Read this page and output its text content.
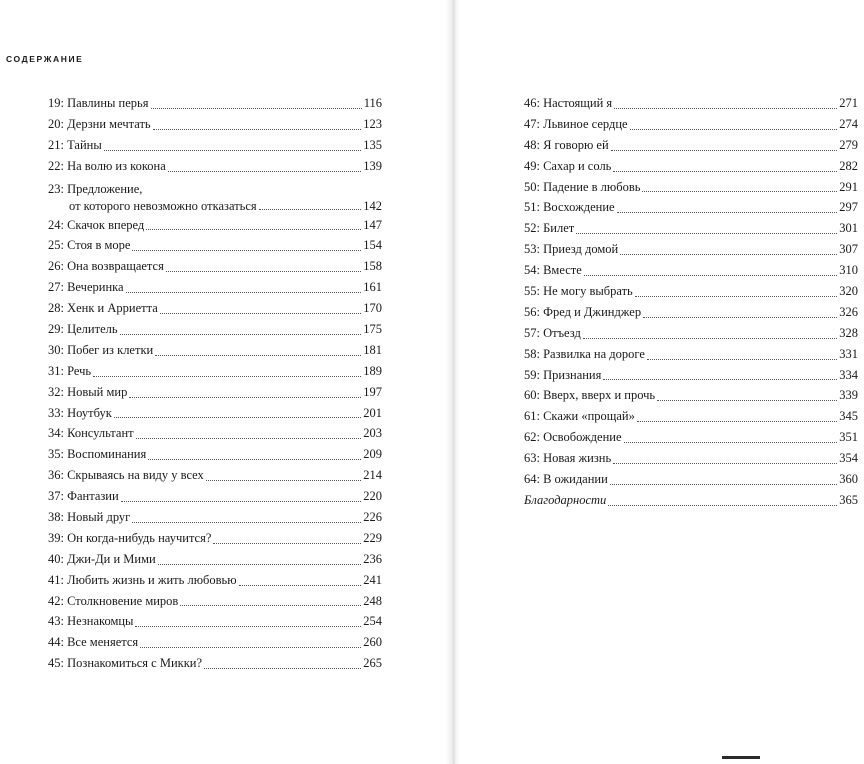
СОДЕРЖАНИЕ
19: Павлины перья	116
20: Дерзни мечтать	123
21: Тайны	135
22: На волю из кокона	139
23: Предложение,
от которого невозможно отказаться	142
24: Скачок вперед	147
25: Стоя в море	154
26: Она возвращается	158
27: Вечеринка	161
28: Хенк и Арриетта	170
29: Целитель	175
30: Побег из клетки	181
31: Речь	189
32: Новый мир	197
33: Ноутбук	201
34: Консультант	203
35: Воспоминания	209
36: Скрываясь на виду у всех	214
37: Фантазии	220
38: Новый друг	226
39: Он когда-нибудь научится?	229
40: Джи-Ди и Мими	236
41: Любить жизнь и жить любовью	241
42: Столкновение миров	248
43: Незнакомцы	254
44: Все меняется	260
45: Познакомиться с Микки?	265
46: Настоящий я	271
47: Львиное сердце	274
48: Я говорю ей	279
49: Сахар и соль	282
50: Падение в любовь	291
51: Восхождение	297
52: Билет	301
53: Приезд домой	307
54: Вместе	310
55: Не могу выбрать	320
56: Фред и Джинджер	326
57: Отъезд	328
58: Развилка на дороге	331
59: Признания	334
60: Вверх, вверх и прочь	339
61: Скажи «прощай»	345
62: Освобождение	351
63: Новая жизнь	354
64: В ожидании	360
Благодарности	365
